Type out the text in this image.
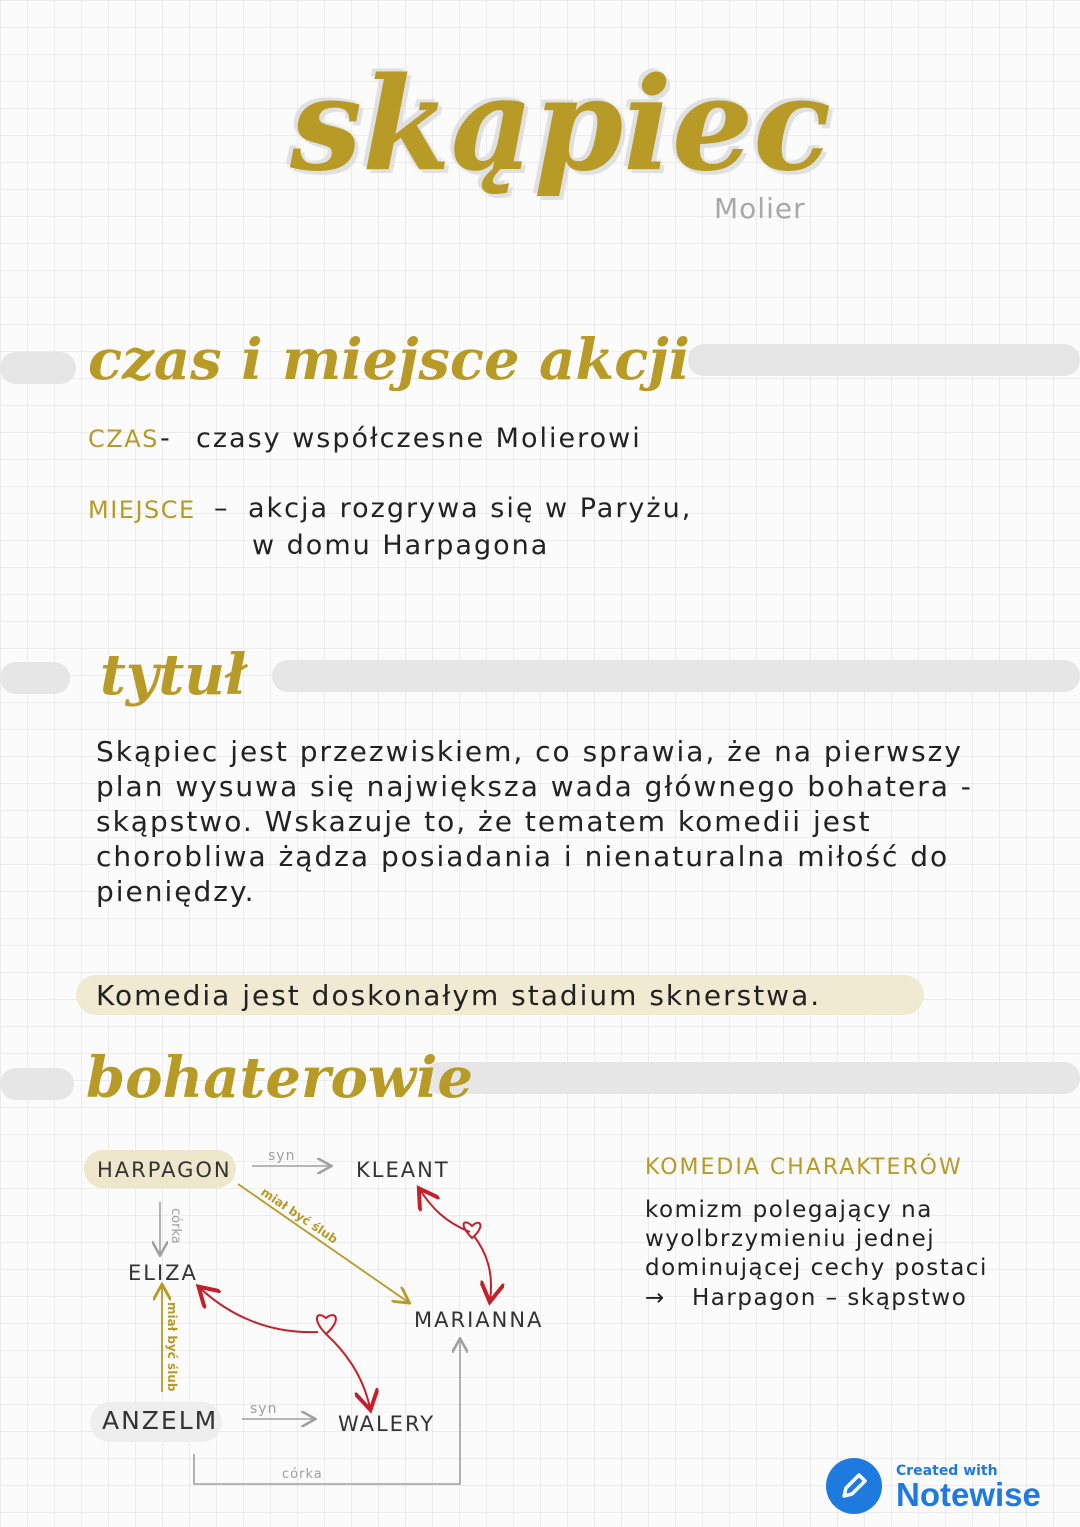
skąpiec
Molier
czas i miejsce akcji
CZAS - czasy współczesne Molierowi
MIEJSCE – akcja rozgrywa się w Paryżu,
w domu Harpagona
tytuł
Skąpiec jest przezwiskiem, co sprawia, że na pierwszy plan wysuwa się największa wada głównego bohatera - skąpstwo. Wskazuje to, że tematem komedii jest chorobliwa żądza posiadania i nienaturalna miłość do pieniędzy.
Komedia jest doskonałym stadium sknerstwa.
bohaterowie
syn
córka	miał być ślub
miał być ślub
syn
córka
HARPAGON	KLEANT
ELIZA
MARIANNA
ANZELM	WALERY
KOMEDIA CHARAKTERÓW
komizm polegający na wyolbrzymieniu jednej dominującej cechy postaci
→ Harpagon – skąpstwo
Created with
Notewise
